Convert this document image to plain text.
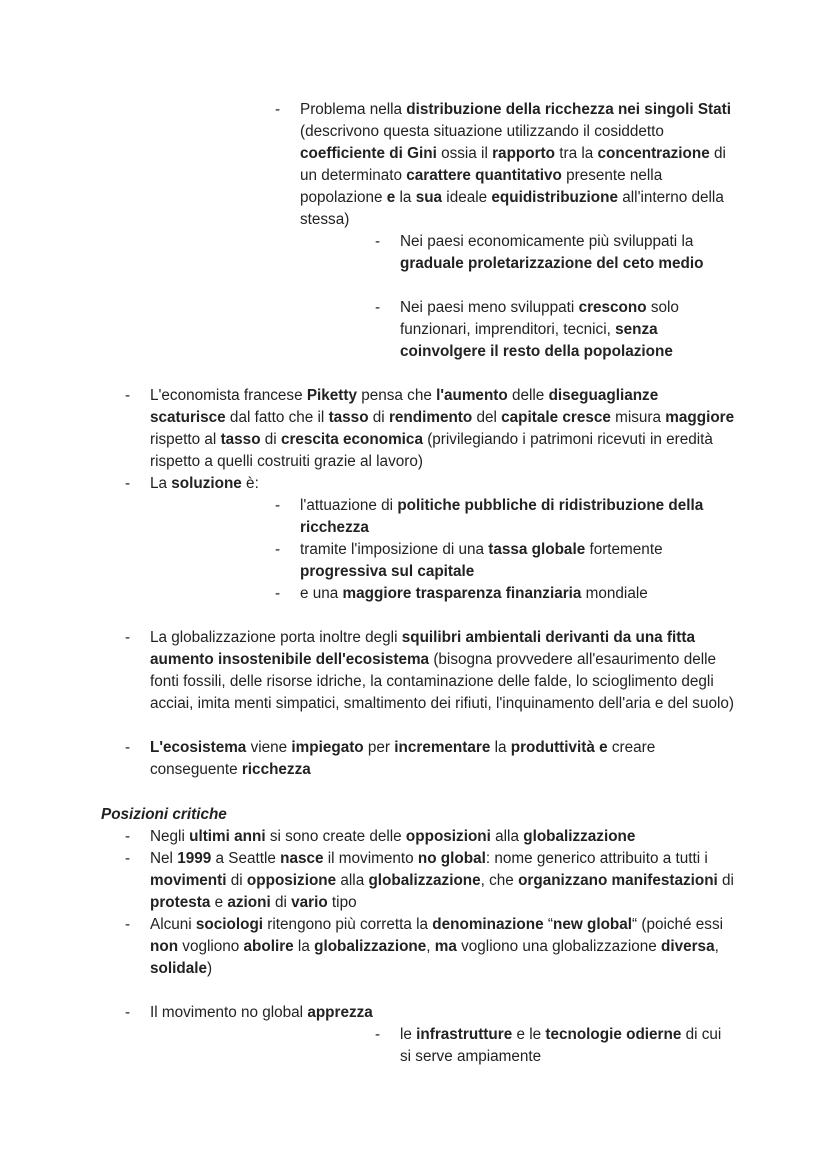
-	Problema nella distribuzione della ricchezza nei singoli Stati (descrivono questa situazione utilizzando il cosiddetto coefficiente di Gini ossia il rapporto tra la concentrazione di un determinato carattere quantitativo presente nella popolazione e la sua ideale equidistribuzione all'interno della stessa)
-	Nei paesi economicamente più sviluppati la graduale proletarizzazione del ceto medio
-	Nei paesi meno sviluppati crescono solo funzionari, imprenditori, tecnici, senza coinvolgere il resto della popolazione
-	L'economista francese Piketty pensa che l'aumento delle diseguaglianze scaturisce dal fatto che il tasso di rendimento del capitale cresce misura maggiore rispetto al tasso di crescita economica (privilegiando i patrimoni ricevuti in eredità rispetto a quelli costruiti grazie al lavoro)
-	La soluzione è:
-	l'attuazione di politiche pubbliche di ridistribuzione della ricchezza
-	tramite l'imposizione di una tassa globale fortemente progressiva sul capitale
-	e una maggiore trasparenza finanziaria mondiale
-	La globalizzazione porta inoltre degli squilibri ambientali derivanti da una fitta aumento insostenibile dell'ecosistema (bisogna provvedere all'esaurimento delle fonti fossili, delle risorse idriche, la contaminazione delle falde, lo scioglimento degli acciai, imita menti simpatici, smaltimento dei rifiuti, l'inquinamento dell'aria e del suolo)
-	L'ecosistema viene impiegato per incrementare la produttività e creare conseguente ricchezza
Posizioni critiche
-	Negli ultimi anni si sono create delle opposizioni alla globalizzazione
-	Nel 1999 a Seattle nasce il movimento no global: nome generico attribuito a tutti i movimenti di opposizione alla globalizzazione, che organizzano manifestazioni di protesta e azioni di vario tipo
-	Alcuni sociologi ritengono più corretta la denominazione “new global“ (poiché essi non vogliono abolire la globalizzazione, ma vogliono una globalizzazione diversa, solidale)
-	Il movimento no global apprezza
-	le infrastrutture e le tecnologie odierne di cui si serve ampiamente
